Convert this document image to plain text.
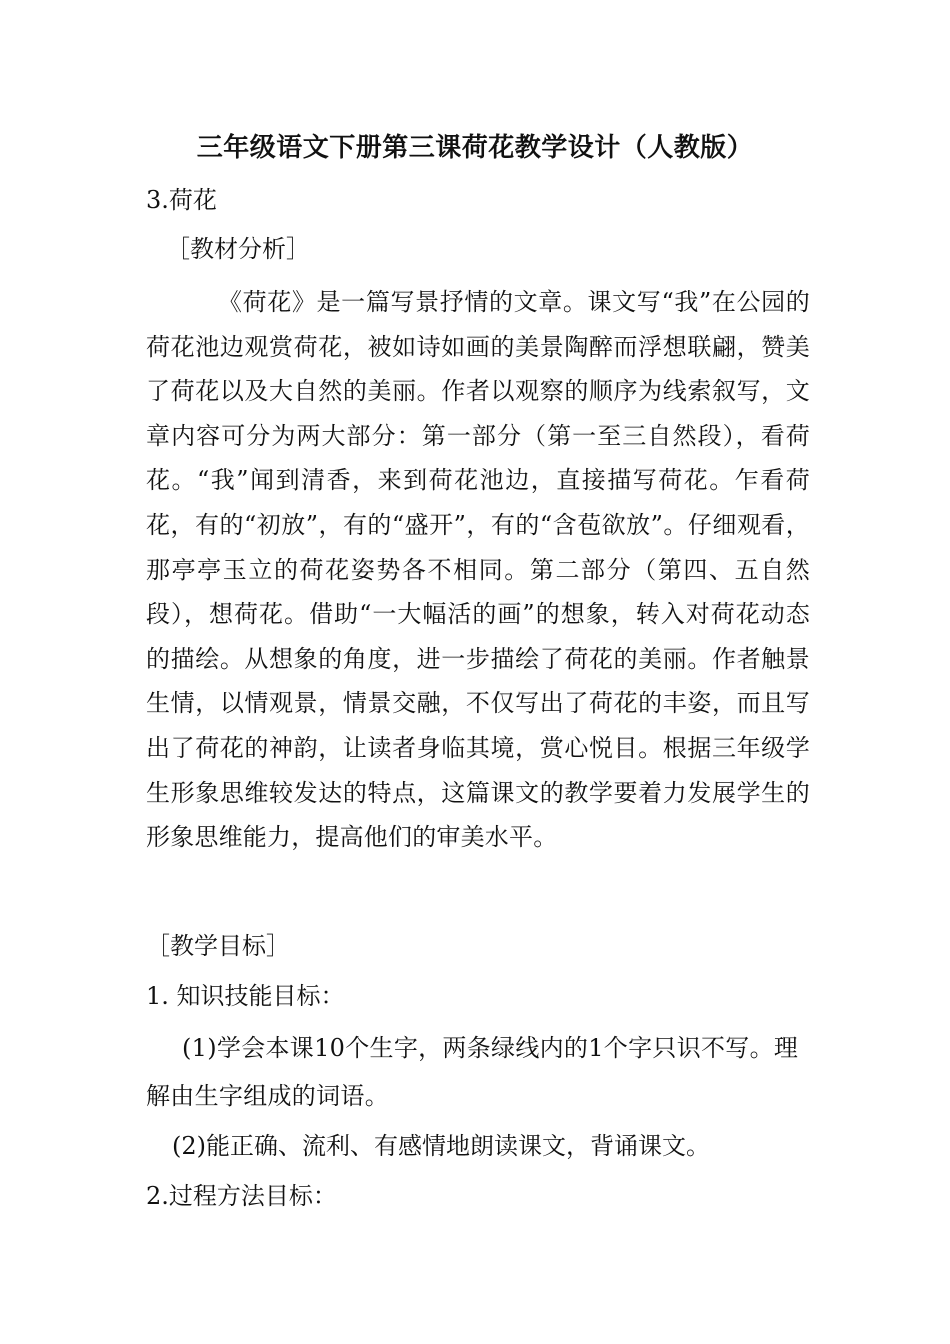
三年级语文下册第三课荷花教学设计（人教版）

3.荷花

［教材分析］

《荷花》是一篇写景抒情的文章。课文写“我”在公园的荷花池边观赏荷花，被如诗如画的美景陶醉而浮想联翩，赞美了荷花以及大自然的美丽。作者以观察的顺序为线索叙写，文章内容可分为两大部分：第一部分（第一至三自然段），看荷花。“我”闻到清香，来到荷花池边，直接描写荷花。乍看荷花，有的“初放”，有的“盛开”，有的“含苞欲放”。仔细观看，那亭亭玉立的荷花姿势各不相同。第二部分（第四、五自然段），想荷花。借助“一大幅活的画”的想象，转入对荷花动态的描绘。从想象的角度，进一步描绘了荷花的美丽。作者触景生情，以情观景，情景交融，不仅写出了荷花的丰姿，而且写出了荷花的神韵，让读者身临其境，赏心悦目。根据三年级学生形象思维较发达的特点，这篇课文的教学要着力发展学生的形象思维能力，提高他们的审美水平。

［教学目标］

1. 知识技能目标：

(1)学会本课10个生字，两条绿线内的1个字只识不写。理解由生字组成的词语。

(2)能正确、流利、有感情地朗读课文，背诵课文。

2.过程方法目标：
